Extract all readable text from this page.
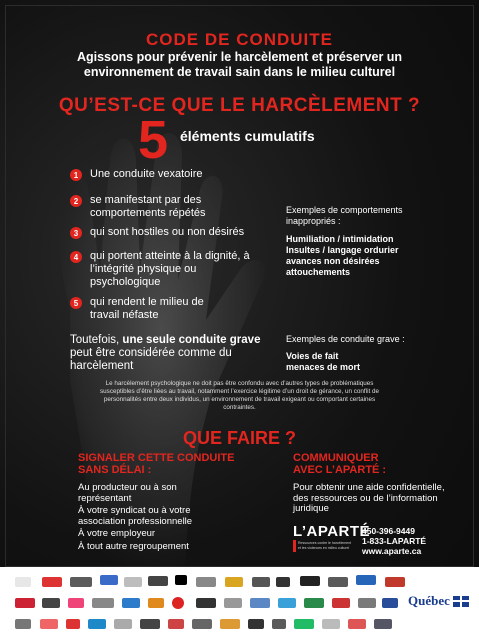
CODE DE CONDUITE
Agissons pour prévenir le harcèlement et préserver un
environnement de travail sain dans le milieu culturel
QU’EST-CE QUE LE HARCÈLEMENT ?
5 éléments cumulatifs
1	Une conduite vexatoire
2	se manifestant par des comportements répétés
3	qui sont hostiles ou non désirés
4	qui portent atteinte à la dignité, à l’intégrité physique ou psychologique
5	qui rendent le milieu de travail néfaste
Exemples de comportements
inappropriés :
Humiliation / intimidation
Insultes / langage ordurier
avances non désirées
attouchements
Toutefois, une seule conduite grave peut être considérée comme du harcèlement
Exemples de conduite grave :
Voies de fait
menaces de mort
Le harcèlement psychologique ne doit pas être confondu avec d’autres types de problématiques susceptibles d’être liées au travail, notamment l’exercice légitime d’un droit de gérance, un conflit de personnalités entre deux individus, un environnement de travail exigeant ou comportant certaines contraintes.
QUE FAIRE ?
SIGNALER CETTE CONDUITE
SANS DÉLAI :
Au producteur ou à son représentant
À votre syndicat ou à votre association professionnelle
À votre employeur
À tout autre regroupement
COMMUNIQUER
AVEC L’APARTÉ :
Pour obtenir une aide confidentielle, des ressources ou de l’information juridique
L’APARTÉ
Ressources contre le harcèlement et les violences en milieu culturel
450-396-9449
1-833-LAPARTÉ
www.aparte.ca
Québec
